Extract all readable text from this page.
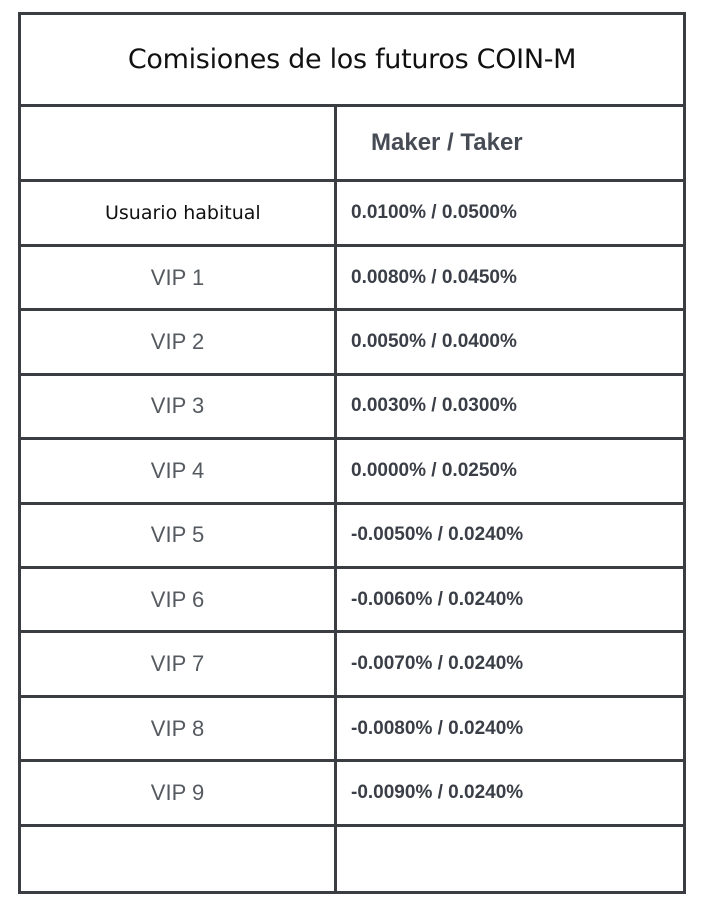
Comisiones de los futuros COIN-M
Maker / Taker
Usuario habitual	0.0100% / 0.0500%
VIP 1	0.0080% / 0.0450%
VIP 2	0.0050% / 0.0400%
VIP 3	0.0030% / 0.0300%
VIP 4	0.0000% / 0.0250%
VIP 5	-0.0050% / 0.0240%
VIP 6	-0.0060% / 0.0240%
VIP 7	-0.0070% / 0.0240%
VIP 8	-0.0080% / 0.0240%
VIP 9	-0.0090% / 0.0240%
